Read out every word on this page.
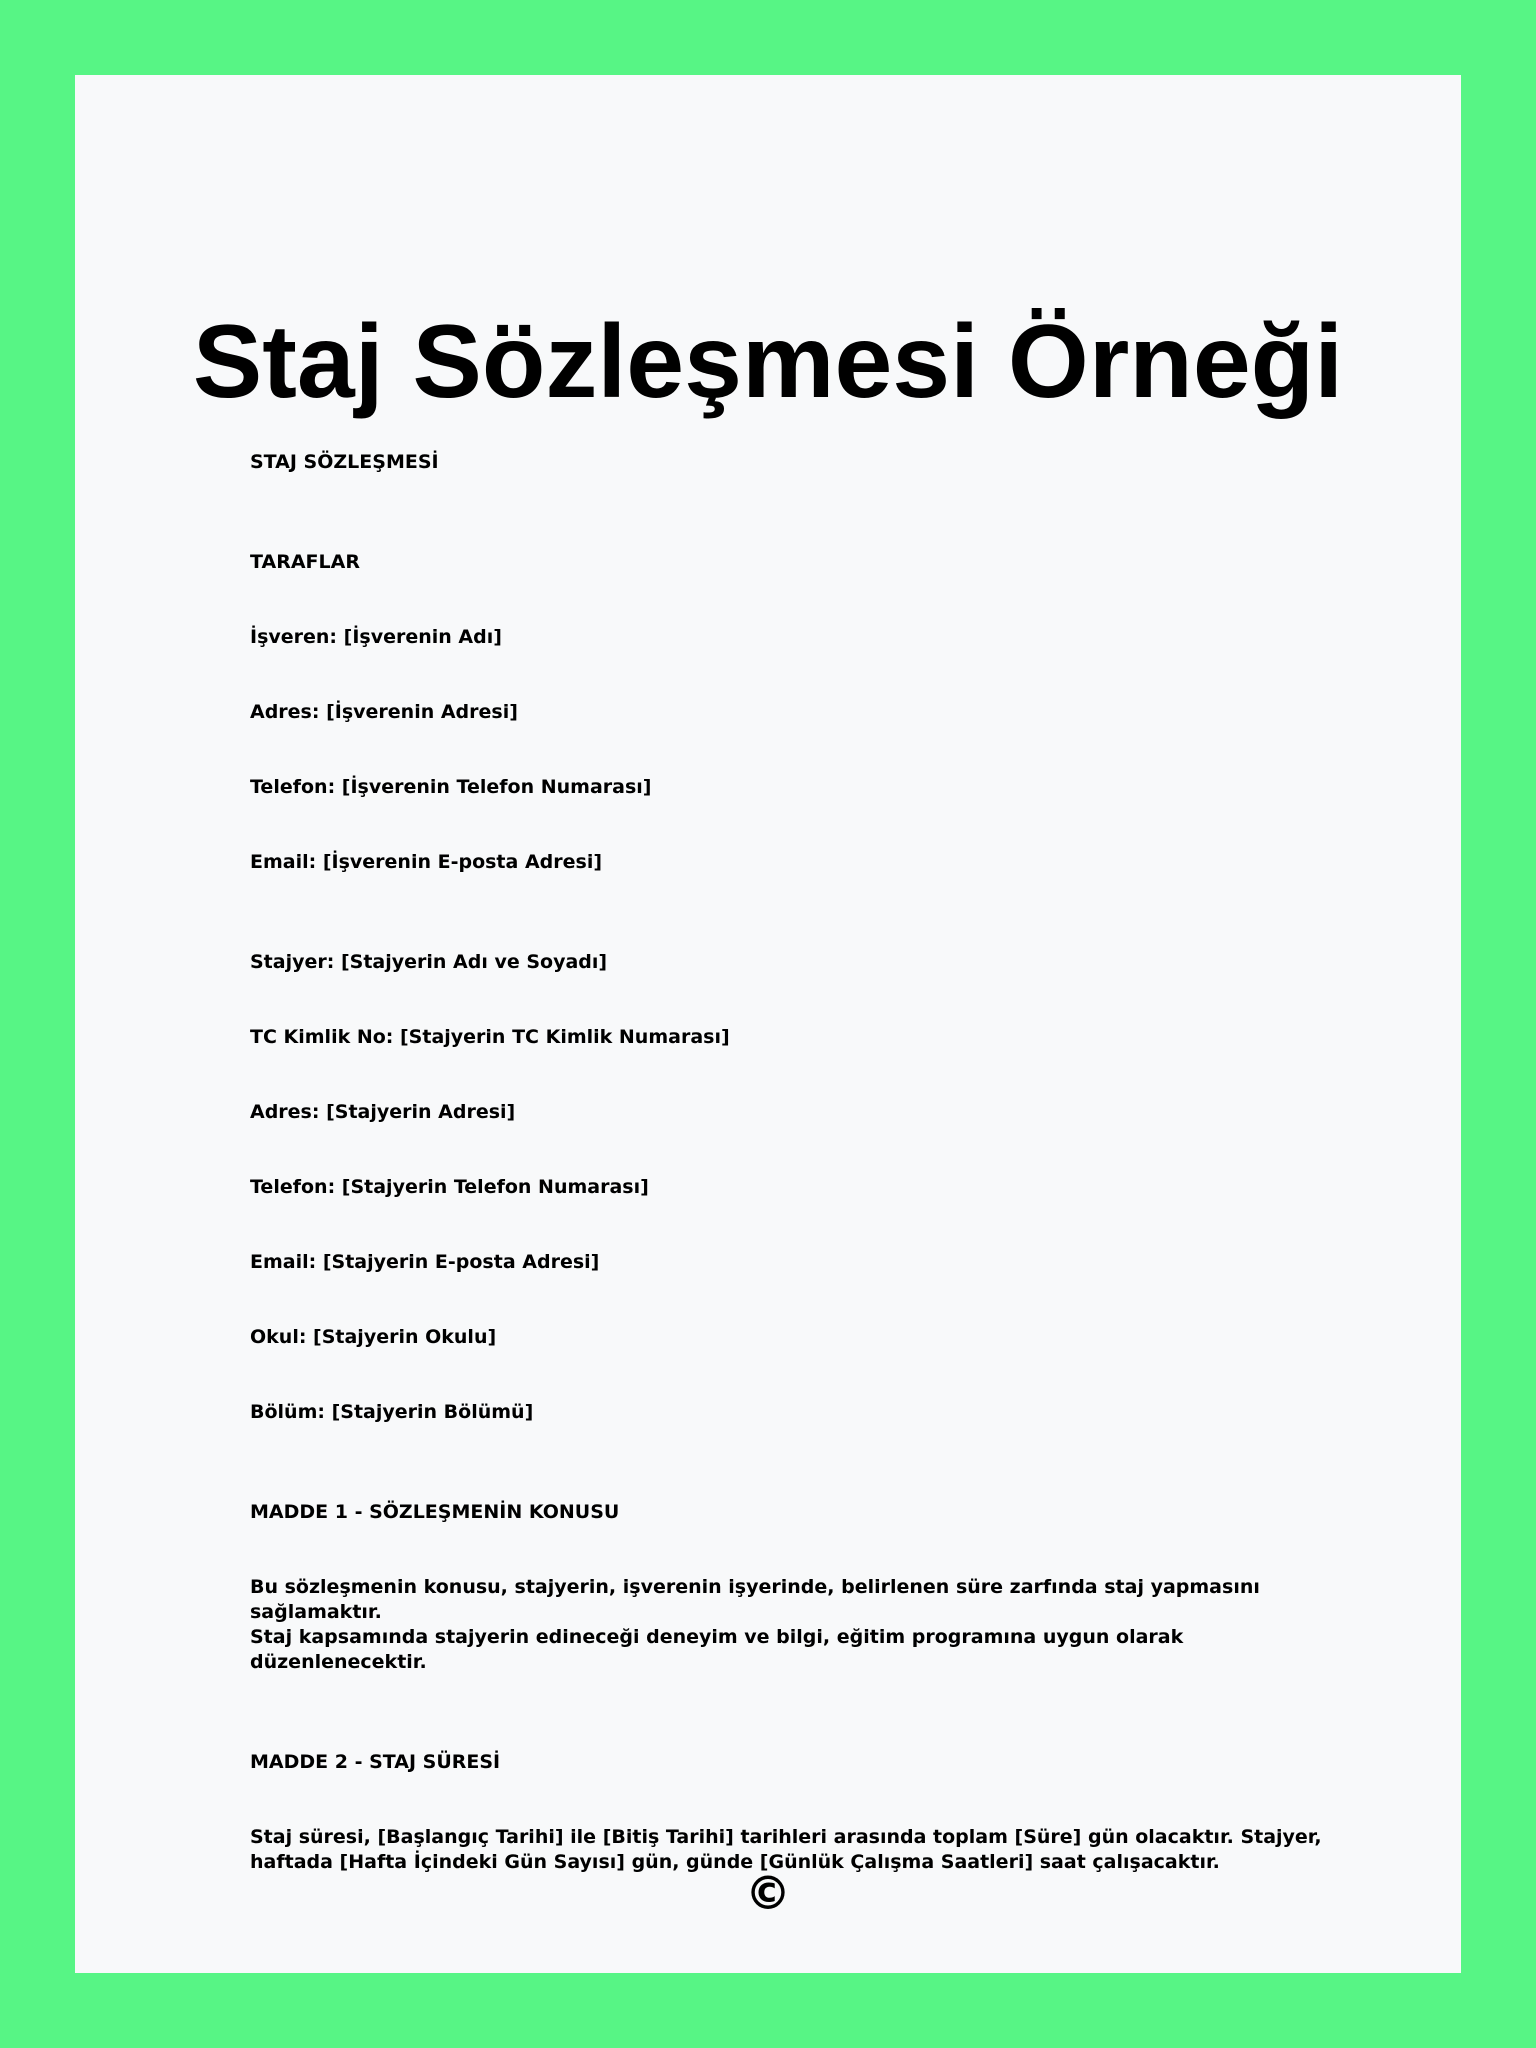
Staj Sözleşmesi Örneği

STAJ SÖZLEŞMESİ

TARAFLAR

İşveren: [İşverenin Adı]

Adres: [İşverenin Adresi]

Telefon: [İşverenin Telefon Numarası]

Email: [İşverenin E-posta Adresi]

Stajyer: [Stajyerin Adı ve Soyadı]

TC Kimlik No: [Stajyerin TC Kimlik Numarası]

Adres: [Stajyerin Adresi]

Telefon: [Stajyerin Telefon Numarası]

Email: [Stajyerin E-posta Adresi]

Okul: [Stajyerin Okulu]

Bölüm: [Stajyerin Bölümü]

MADDE 1 - SÖZLEŞMENİN KONUSU

Bu sözleşmenin konusu, stajyerin, işverenin işyerinde, belirlenen süre zarfında staj yapmasını sağlamaktır.
Staj kapsamında stajyerin edineceği deneyim ve bilgi, eğitim programına uygun olarak düzenlenecektir.

MADDE 2 - STAJ SÜRESİ

Staj süresi, [Başlangıç Tarihi] ile [Bitiş Tarihi] tarihleri arasında toplam [Süre] gün olacaktır. Stajyer,
haftada [Hafta İçindeki Gün Sayısı] gün, günde [Günlük Çalışma Saatleri] saat çalışacaktır.

©
